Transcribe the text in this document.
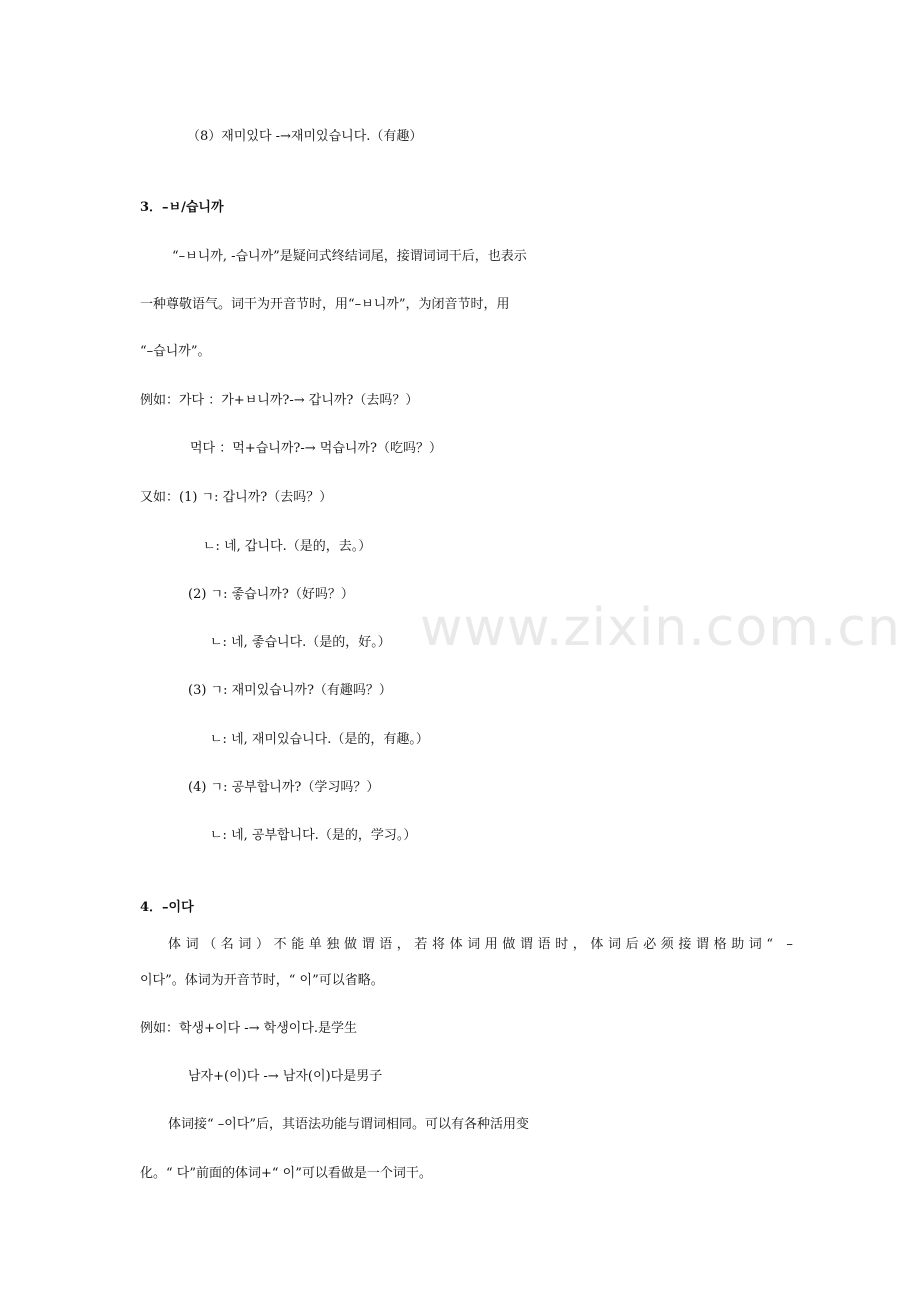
www.zixin.com.cn
（8）재미있다 -→재미있습니다.（有趣）
3．–ㅂ/습니까
“–ㅂ니까, -습니까”是疑问式终结词尾，接谓词词干后，也表示
一种尊敬语气。词干为开音节时，用“–ㅂ니까”，为闭音节时，用
“–습니까”。
例如：가다 ：가+ㅂ니까?-→ 갑니까?（去吗？）
먹다 ：먹+습니까?-→ 먹습니까?（吃吗？）
又如：(1) ㄱ: 갑니까?（去吗？）
ㄴ: 네, 갑니다.（是的，去。）
(2) ㄱ: 좋습니까?（好吗？）
ㄴ: 네, 좋습니다.（是的，好。）
(3) ㄱ: 재미있습니까?（有趣吗？）
ㄴ: 네, 재미있습니다.（是的，有趣。）
(4) ㄱ: 공부합니까?（学习吗？）
ㄴ: 네, 공부합니다.（是的，学习。）
4．–이다
体词（名词）不能单独做谓语，若将体词用做谓语时，体词后必须接谓格助词“ –
이다”。体词为开音节时，“ 이”可以省略。
例如：학생+이다 -→ 학생이다.是学生
남자+(이)다 -→ 남자(이)다是男子
体词接“ –이다”后，其语法功能与谓词相同。可以有各种活用变
化。“ 다”前面的体词+“ 이”可以看做是一个词干。
